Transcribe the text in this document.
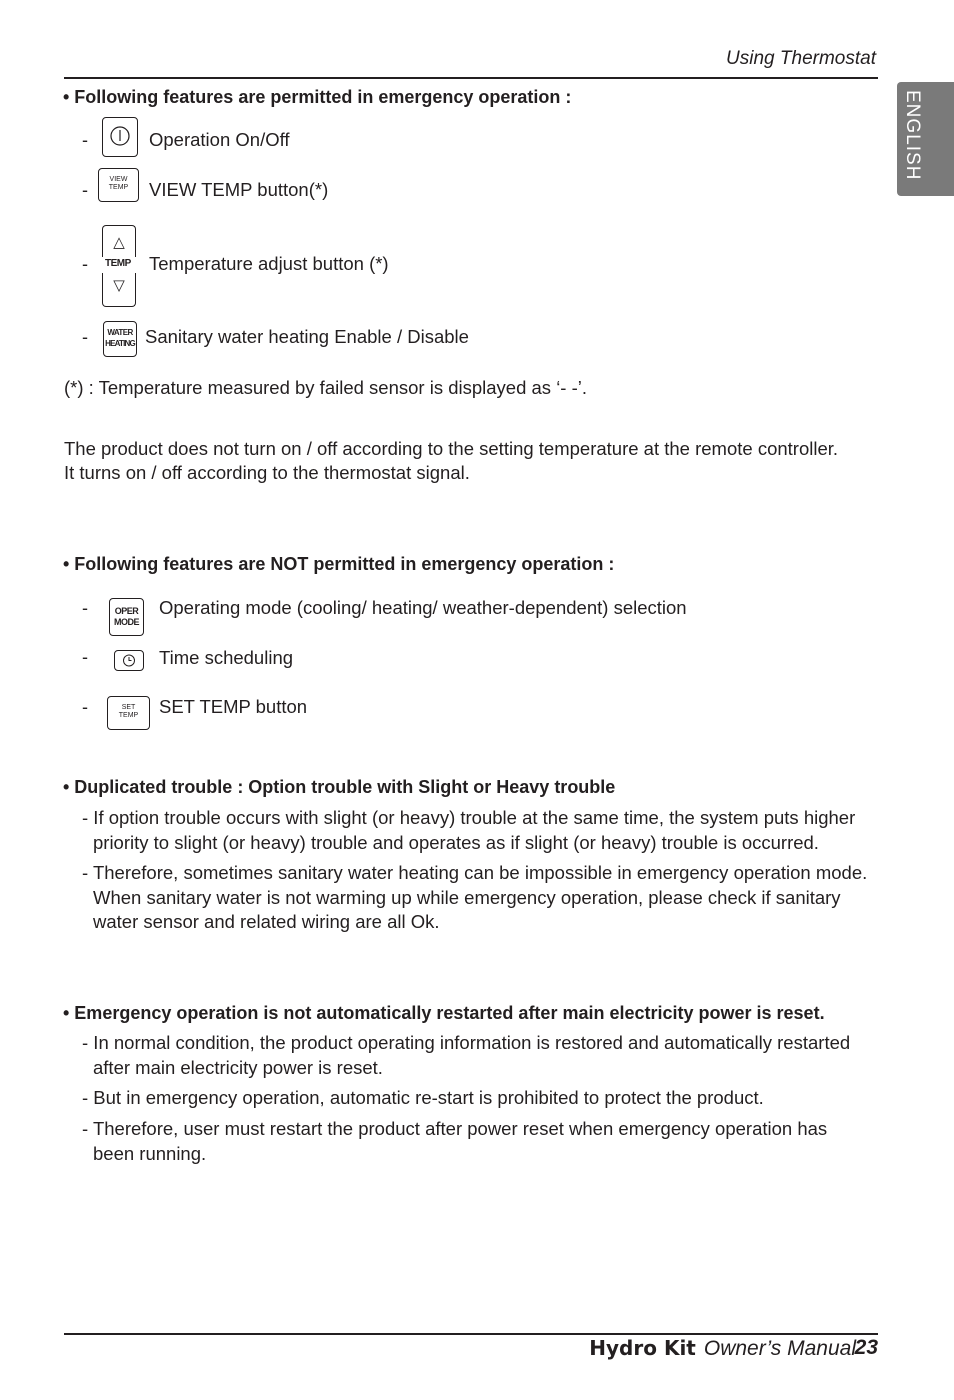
Using Thermostat
ENGLISH
• Following features are permitted in emergency operation :
-	Operation On/Off
-
VIEW
TEMP	VIEW TEMP button(*)
-
△
TEMP
▽
Temperature adjust button (*)
-	WATER
HEATING Sanitary water heating Enable / Disable
(*) : Temperature measured by failed sensor is displayed as ‘- -’.
The product does not turn on / off according to the setting temperature at the remote controller.
It turns on / off according to the thermostat signal.
• Following features are NOT permitted in emergency operation :
-	OPER
MODE
Operating mode (cooling/ heating/ weather-dependent) selection
-	Time scheduling
-	SET
TEMP	SET TEMP button
• Duplicated trouble : Option trouble with Slight or Heavy trouble
- If option trouble occurs with slight (or heavy) trouble at the same time, the system puts higher priority to slight (or heavy) trouble and operates as if slight (or heavy) trouble is occurred.
- Therefore, sometimes sanitary water heating can be impossible in emergency operation mode. When sanitary water is not warming up while emergency operation, please check if sanitary water sensor and related wiring are all Ok.
• Emergency operation is not automatically restarted after main electricity power is reset.
- In normal condition, the product operating information is restored and automatically restarted after main electricity power is reset.
- But in emergency operation, automatic re-start is prohibited to protect the product.
- Therefore, user must restart the product after power reset when emergency operation has been running.
Hydro Kit Owner’s Manual
23
